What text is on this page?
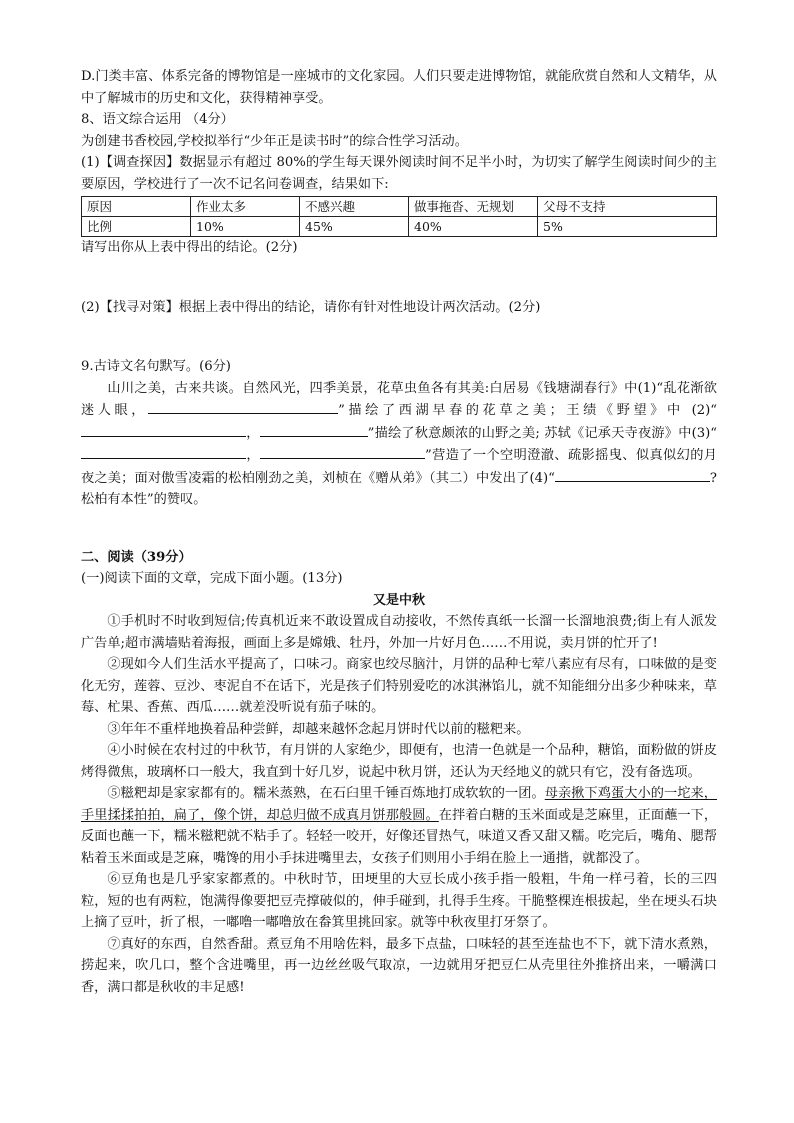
D.门类丰富、体系完备的博物馆是一座城市的文化家园。人们只要走进博物馆，就能欣赏自然和人文精华，从中了解城市的历史和文化，获得精神享受。

8、语文综合运用 （4分）

为创建书香校园,学校拟举行“少年正是读书时”的综合性学习活动。

(1)【调查探因】数据显示有超过 80%的学生每天课外阅读时间不足半小时，为切实了解学生阅读时间少的主要原因，学校进行了一次不记名问卷调查，结果如下:

原因	作业太多	不感兴趣	做事拖沓、无规划	父母不支持
比例	10%	45%	40%	5%

请写出你从上表中得出的结论。(2分)

(2)【找寻对策】根据上表中得出的结论，请你有针对性地设计两次活动。(2分)

9.古诗文名句默写。(6分)

山川之美，古来共谈。自然风光，四季美景，花草虫鱼各有其美:白居易《钱塘湖春行》中(1)“乱花渐欲迷人眼，	”描绘了西湖早春的花草之美；王绩《野望》中 (2)“，	”描绘了秋意颇浓的山野之美; 苏轼《记承天寺夜游》中(3)“，	”营造了一个空明澄澈、疏影摇曳、似真似幻的月夜之美；面对傲雪凌霜的松柏刚劲之美，刘桢在《赠从弟》（其二）中发出了(4)“	?松柏有本性”的赞叹。

二、阅读（39分）

(一)阅读下面的文章，完成下面小题。(13分)

又是中秋

①手机时不时收到短信;传真机近来不敢设置成自动接收，不然传真纸一长溜一长溜地浪费;街上有人派发广告单;超市满墙贴着海报，画面上多是嫦娥、牡丹，外加一片好月色……不用说，卖月饼的忙开了!

②现如今人们生活水平提高了，口味刁。商家也绞尽脑汁，月饼的品种七荤八素应有尽有，口味做的是变化无穷，莲蓉、豆沙、枣泥自不在话下，光是孩子们特别爱吃的冰淇淋馅儿，就不知能细分出多少种味来，草莓、杧果、香蕉、西瓜……就差没听说有茄子味的。

③年年不重样地换着品种尝鲜，却越来越怀念起月饼时代以前的糍粑来。

④小时候在农村过的中秋节，有月饼的人家绝少，即便有，也清一色就是一个品种，糖馅，面粉做的饼皮烤得微焦，玻璃杯口一般大，我直到十好几岁，说起中秋月饼，还认为天经地义的就只有它，没有备选项。

⑤糍粑却是家家都有的。糯米蒸熟，在石臼里千锤百炼地打成软软的一团。母亲揪下鸡蛋大小的一坨来，手里揉揉拍拍，扁了，像个饼，却总归做不成真月饼那般圆。在拌着白糖的玉米面或是芝麻里，正面蘸一下，反面也蘸一下，糯米糍粑就不粘手了。轻轻一咬开，好像还冒热气，味道又香又甜又糯。吃完后，嘴角、腮帮粘着玉米面或是芝麻，嘴馋的用小手抹进嘴里去，女孩子们则用小手绢在脸上一通揩，就都没了。

⑥豆角也是几乎家家都煮的。中秋时节，田埂里的大豆长成小孩手指一般粗，牛角一样弓着，长的三四粒，短的也有两粒，饱满得像要把豆壳撑破似的，伸手碰到，扎得手生疼。干脆整棵连根拔起，坐在埂头石块上摘了豆叶，折了根，一嘟噜一嘟噜放在畚箕里挑回家。就等中秋夜里打牙祭了。

⑦真好的东西，自然香甜。煮豆角不用啥佐料，最多下点盐，口味轻的甚至连盐也不下，就下清水煮熟，捞起来，吹几口，整个含进嘴里，再一边丝丝吸气取凉，一边就用牙把豆仁从壳里往外推挤出来，一嚼满口香，满口都是秋收的丰足感!
